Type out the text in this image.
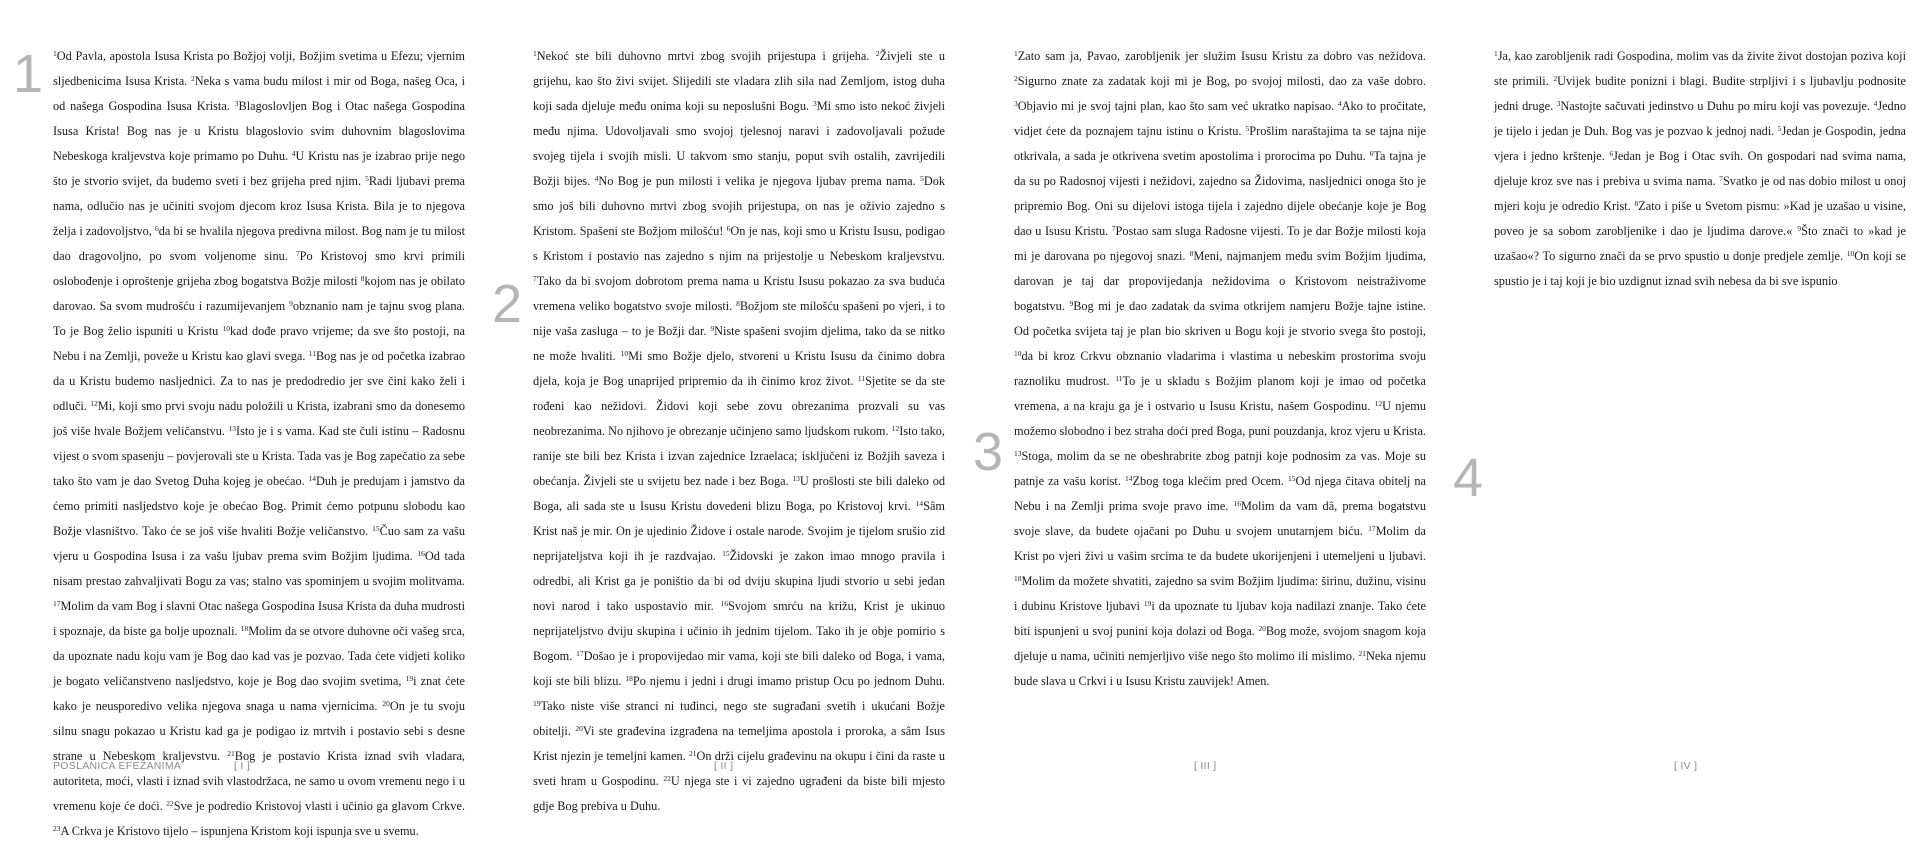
1
2
3	4

$^1$Od Pavla, apostola Isusa Krista po Božjoj volji, Božjim svetima u Efezu; vjernim sljedbenicima Isusa Krista. $^2$Neka s vama budu milost i mir od Boga, našeg Oca, i od našega Gospodina Isusa Krista. $^3$Blagoslovljen Bog i Otac našega Gospodina Isusa Krista! Bog nas je u Kristu blagoslovio svim duhovnim blagoslovima Nebeskoga kraljevstva koje primamo po Duhu. $^4$U Kristu nas je izabrao prije nego što je stvorio svijet, da budemo sveti i bez grijeha pred njim. $^5$Radi ljubavi prema nama, odlučio nas je učiniti svojom djecom kroz Isusa Krista. Bila je to njegova želja i zadovoljstvo, $^6$da bi se hvalila njegova predivna milost. Bog nam je tu milost dao dragovoljno, po svom voljenome sinu. $^7$Po Kristovoj smo krvi primili oslobođenje i oproštenje grijeha zbog bogatstva Božje milosti $^8$kojom nas je obilato darovao. Sa svom mudrošću i razumijevanjem $^9$obznanio nam je tajnu svog plana. To je Bog želio ispuniti u Kristu $^{10}$kad dođe pravo vrijeme; da sve što postoji, na Nebu i na Zemlji, poveže u Kristu kao glavi svega. $^{11}$Bog nas je od početka izabrao da u Kristu budemo nasljednici. Za to nas je predodredio jer sve čini kako želi i odluči. $^{12}$Mi, koji smo prvi svoju nadu položili u Krista, izabrani smo da donesemo još više hvale Božjem veličanstvu. $^{13}$Isto je i s vama. Kad ste čuli istinu – Radosnu vijest o svom spasenju – povjerovali ste u Krista. Tada vas je Bog zapečatio za sebe tako što vam je dao Svetog Duha kojeg je obećao. $^{14}$Duh je predujam i jamstvo da ćemo primiti nasljedstvo koje je obećao Bog. Primit ćemo potpunu slobodu kao Božje vlasništvo. Tako će se još više hvaliti Božje veličanstvo. $^{15}$Čuo sam za vašu vjeru u Gospodina Isusa i za vašu ljubav prema svim Božjim ljudima. $^{16}$Od tada nisam prestao zahvaljivati Bogu za vas; stalno vas spominjem u svojim molitvama. $^{17}$Molim da vam Bog i slavni Otac našega Gospodina Isusa Krista da duha mudrosti i spoznaje, da biste ga bolje upoznali. $^{18}$Molim da se otvore duhovne oči vašeg srca, da upoznate nadu koju vam je Bog dao kad vas je pozvao. Tada ćete vidjeti koliko je bogato veličanstveno nasljedstvo, koje je Bog dao svojim svetima, $^{19}$i znat ćete kako je neusporedivo velika njegova snaga u nama vjernicima. $^{20}$On je tu svoju silnu snagu pokazao u Kristu kad ga je podigao iz mrtvih i postavio sebi s desne strane u Nebeskom kraljevstvu. $^{21}$Bog je postavio Krista iznad svih vladara, autoriteta, moći, vlasti i iznad svih vlastodržaca, ne samo u ovom vremenu nego i u vremenu koje će doći. $^{22}$Sve je podredio Kristovoj vlasti i učinio ga glavom Crkve. $^{23}$A Crkva je Kristovo tijelo – ispunjena Kristom koji ispunja sve u svemu.

$^1$Nekoć ste bili duhovno mrtvi zbog svojih prijestupa i grijeha. $^2$Živjeli ste u grijehu, kao što živi svijet. Slijedili ste vladara zlih sila nad Zemljom, istog duha koji sada djeluje među onima koji su neposlušni Bogu. $^3$Mi smo isto nekoć živjeli među njima. Udovoljavali smo svojoj tjelesnoj naravi i zadovoljavali požude svojeg tijela i svojih misli. U takvom smo stanju, poput svih ostalih, zavrijedili Božji bijes. $^4$No Bog je pun milosti i velika je njegova ljubav prema nama. $^5$Dok smo još bili duhovno mrtvi zbog svojih prijestupa, on nas je oživio zajedno s Kristom. Spašeni ste Božjom milošću! $^6$On je nas, koji smo u Kristu Isusu, podigao s Kristom i postavio nas zajedno s njim na prijestolje u Nebeskom kraljevstvu. $^7$Tako da bi svojom dobrotom prema nama u Kristu Isusu pokazao za sva buduća vremena veliko bogatstvo svoje milosti. $^8$Božjom ste milošću spašeni po vjeri, i to nije vaša zasluga – to je Božji dar. $^9$Niste spašeni svojim djelima, tako da se nitko ne može hvaliti. $^{10}$Mi smo Božje djelo, stvoreni u Kristu Isusu da činimo dobra djela, koja je Bog unaprijed pripremio da ih činimo kroz život. $^{11}$Sjetite se da ste rođeni kao nežidovi. Židovi koji sebe zovu obrezanima prozvali su vas neobrezanima. No njihovo je obrezanje učinjeno samo ljudskom rukom. $^{12}$Isto tako, ranije ste bili bez Krista i izvan zajednice Izraelaca; isključeni iz Božjih saveza i obećanja. Živjeli ste u svijetu bez nade i bez Boga. $^{13}$U prošlosti ste bili daleko od Boga, ali sada ste u Isusu Kristu dovedeni blizu Boga, po Kristovoj krvi. $^{14}$Sâm Krist naš je mir. On je ujedinio Židove i ostale narode. Svojim je tijelom srušio zid neprijateljstva koji ih je razdvajao. $^{15}$Židovski je zakon imao mnogo pravila i odredbi, ali Krist ga je poništio da bi od dviju skupina ljudi stvorio u sebi jedan novi narod i tako uspostavio mir. $^{16}$Svojom smrću na križu, Krist je ukinuo neprijateljstvo dviju skupina i učinio ih jednim tijelom. Tako ih je obje pomirio s Bogom. $^{17}$Došao je i propovijedao mir vama, koji ste bili daleko od Boga, i vama, koji ste bili blizu. $^{18}$Po njemu i jedni i drugi imamo pristup Ocu po jednom Duhu. $^{19}$Tako niste više stranci ni tuđinci, nego ste sugrađani svetih i ukućani Božje obitelji. $^{20}$Vi ste građevina izgrađena na temeljima apostola i proroka, a sâm Isus Krist njezin je temeljni kamen. $^{21}$On drži cijelu građevinu na okupu i čini da raste u sveti hram u Gospodinu. $^{22}$U njega ste i vi zajedno ugrađeni da biste bili mjesto gdje Bog prebiva u Duhu.

$^1$Zato sam ja, Pavao, zarobljenik jer služim Isusu Kristu za dobro vas nežidova. $^2$Sigurno znate za zadatak koji mi je Bog, po svojoj milosti, dao za vaše dobro. $^3$Objavio mi je svoj tajni plan, kao što sam već ukratko napisao. $^4$Ako to pročitate, vidjet ćete da poznajem tajnu istinu o Kristu. $^5$Prošlim naraštajima ta se tajna nije otkrivala, a sada je otkrivena svetim apostolima i prorocima po Duhu. $^6$Ta tajna je da su po Radosnoj vijesti i nežidovi, zajedno sa Židovima, nasljednici onoga što je pripremio Bog. Oni su dijelovi istoga tijela i zajedno dijele obećanje koje je Bog dao u Isusu Kristu. $^7$Postao sam sluga Radosne vijesti. To je dar Božje milosti koja mi je darovana po njegovoj snazi. $^8$Meni, najmanjem među svim Božjim ljudima, darovan je taj dar propovijedanja nežidovima o Kristovom neistraživome bogatstvu. $^9$Bog mi je dao zadatak da svima otkrijem namjeru Božje tajne istine. Od početka svijeta taj je plan bio skriven u Bogu koji je stvorio svega što postoji, $^{10}$da bi kroz Crkvu obznanio vladarima i vlastima u nebeskim prostorima svoju raznoliku mudrost. $^{11}$To je u skladu s Božjim planom koji je imao od početka vremena, a na kraju ga je i ostvario u Isusu Kristu, našem Gospodinu. $^{12}$U njemu možemo slobodno i bez straha doći pred Boga, puni pouzdanja, kroz vjeru u Krista. $^{13}$Stoga, molim da se ne obeshrabrite zbog patnji koje podnosim za vas. Moje su patnje za vašu korist. $^{14}$Zbog toga klečim pred Ocem. $^{15}$Od njega čitava obitelj na Nebu i na Zemlji prima svoje pravo ime. $^{16}$Molim da vam dâ, prema bogatstvu svoje slave, da budete ojačani po Duhu u svojem unutarnjem biću. $^{17}$Molim da Krist po vjeri živi u vašim srcima te da budete ukorijenjeni i utemeljeni u ljubavi. $^{18}$Molim da možete shvatiti, zajedno sa svim Božjim ljudima: širinu, dužinu, visinu i dubinu Kristove ljubavi $^{19}$i da upoznate tu ljubav koja nadilazi znanje. Tako ćete biti ispunjeni u svoj punini koja dolazi od Boga. $^{20}$Bog može, svojom snagom koja djeluje u nama, učiniti nemjerljivo više nego što molimo ili mislimo. $^{21}$Neka njemu bude slava u Crkvi i u Isusu Kristu zauvijek! Amen.

$^1$Ja, kao zarobljenik radi Gospodina, molim vas da živite život dostojan poziva koji ste primili. $^2$Uvijek budite ponizni i blagi. Budite strpljivi i s ljubavlju podnosite jedni druge. $^3$Nastojte sačuvati jedinstvo u Duhu po miru koji vas povezuje. $^4$Jedno je tijelo i jedan je Duh. Bog vas je pozvao k jednoj nadi. $^5$Jedan je Gospodin, jedna vjera i jedno krštenje. $^6$Jedan je Bog i Otac svih. On gospodari nad svima nama, djeluje kroz sve nas i prebiva u svima nama. $^7$Svatko je od nas dobio milost u onoj mjeri koju je odredio Krist. $^8$Zato i piše u Svetom pismu: »Kad je uzašao u visine, poveo je sa sobom zarobljenike i dao je ljudima darove.« $^9$Što znači to »kad je uzašao«? To sigurno znači da se prvo spustio u donje predjele zemlje. $^{10}$On koji se spustio je i taj koji je bio uzdignut iznad svih nebesa da bi sve ispunio

POSLANICA EFEŽANIMA	[ I ]	[ II ]	[ III ]	[ IV ]
